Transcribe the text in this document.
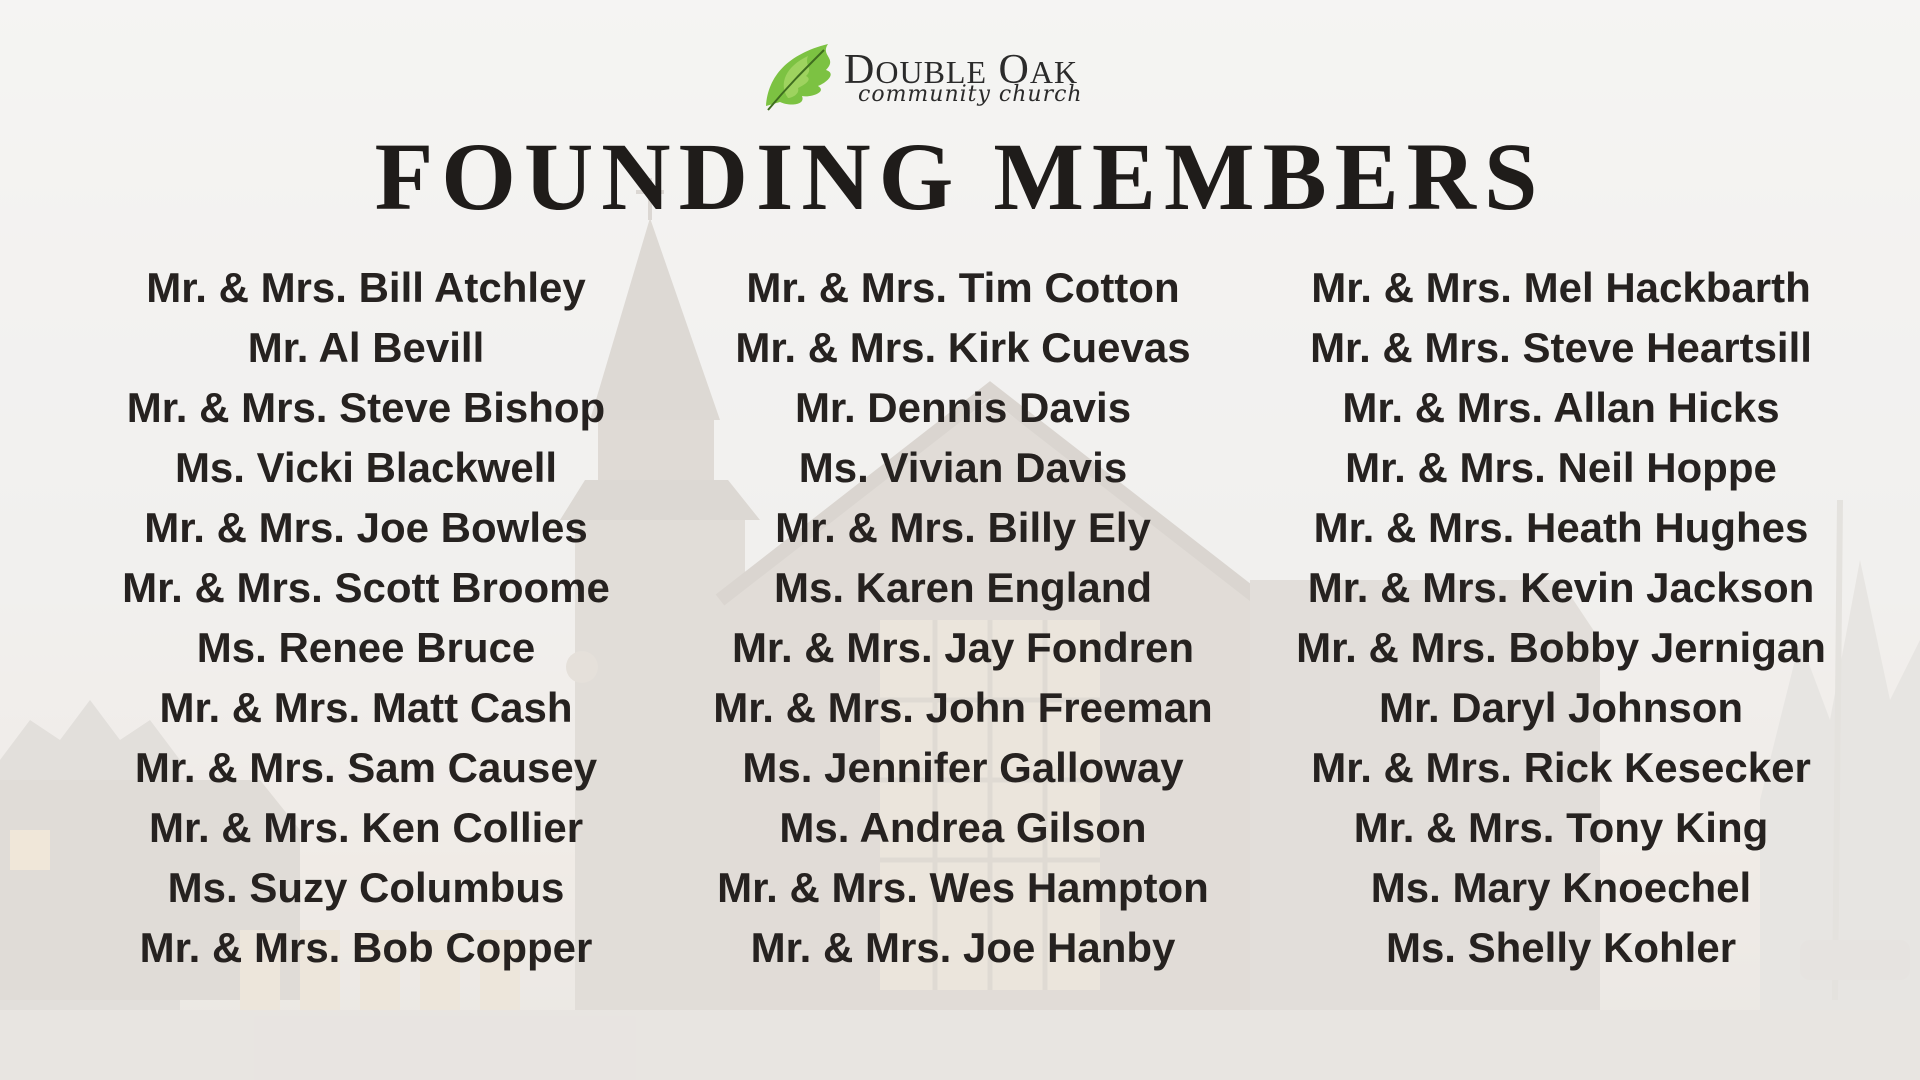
DOUBLE OAK
community church
FOUNDING MEMBERS
Mr. & Mrs. Bill Atchley
Mr. Al Bevill
Mr. & Mrs. Steve Bishop
Ms. Vicki Blackwell
Mr. & Mrs. Joe Bowles
Mr. & Mrs. Scott Broome
Ms. Renee Bruce
Mr. & Mrs. Matt Cash
Mr. & Mrs. Sam Causey
Mr. & Mrs. Ken Collier
Ms. Suzy Columbus
Mr. & Mrs. Bob Copper
Mr. & Mrs. Tim Cotton
Mr. & Mrs. Kirk Cuevas
Mr. Dennis Davis
Ms. Vivian Davis
Mr. & Mrs. Billy Ely
Ms. Karen England
Mr. & Mrs. Jay Fondren
Mr. & Mrs. John Freeman
Ms. Jennifer Galloway
Ms. Andrea Gilson
Mr. & Mrs. Wes Hampton
Mr. & Mrs. Joe Hanby
Mr. & Mrs. Mel Hackbarth
Mr. & Mrs. Steve Heartsill
Mr. & Mrs. Allan Hicks
Mr. & Mrs. Neil Hoppe
Mr. & Mrs. Heath Hughes
Mr. & Mrs. Kevin Jackson
Mr. & Mrs. Bobby Jernigan
Mr. Daryl Johnson
Mr. & Mrs. Rick Kesecker
Mr. & Mrs. Tony King
Ms. Mary Knoechel
Ms. Shelly Kohler
